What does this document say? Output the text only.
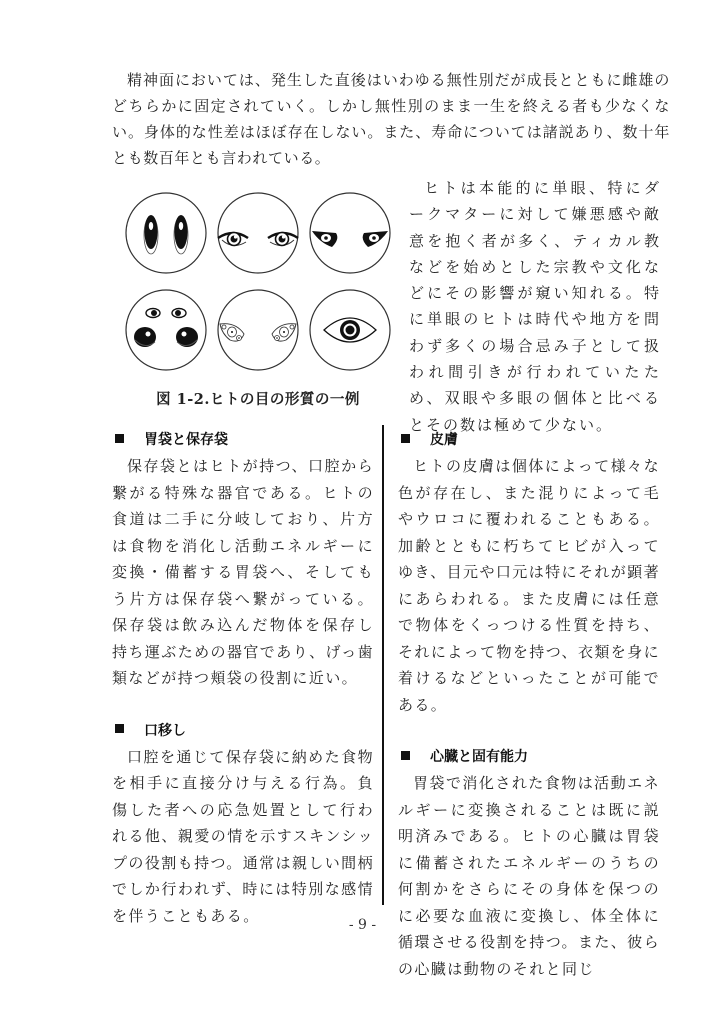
精神面においては、発生した直後はいわゆる無性別だが成長とともに雌雄のどちらかに固定されていく。しかし無性別のまま一生を終える者も少なくない。身体的な性差はほぼ存在しない。また、寿命については諸説あり、数十年とも数百年とも言われている。

図 1-2.ヒトの目の形質の一例

ヒトは本能的に単眼、特にダークマターに対して嫌悪感や敵意を抱く者が多く、ティカル教などを始めとした宗教や文化などにその影響が窺い知れる。特に単眼のヒトは時代や地方を問わず多くの場合忌み子として扱われ間引きが行われていたため、双眼や多眼の個体と比べるとその数は極めて少ない。

胃袋と保存袋

保存袋とはヒトが持つ、口腔から繋がる特殊な器官である。ヒトの食道は二手に分岐しており、片方は食物を消化し活動エネルギーに変換・備蓄する胃袋へ、そしてもう片方は保存袋へ繋がっている。保存袋は飲み込んだ物体を保存し持ち運ぶための器官であり、げっ歯類などが持つ頬袋の役割に近い。

口移し

口腔を通じて保存袋に納めた食物を相手に直接分け与える行為。負傷した者への応急処置として行われる他、親愛の情を示すスキンシップの役割も持つ。通常は親しい間柄でしか行われず、時には特別な感情を伴うこともある。

皮膚

ヒトの皮膚は個体によって様々な色が存在し、また混りによって毛やウロコに覆われることもある。加齢とともに朽ちてヒビが入ってゆき、目元や口元は特にそれが顕著にあらわれる。また皮膚には任意で物体をくっつける性質を持ち、それによって物を持つ、衣類を身に着けるなどといったことが可能である。

心臓と固有能力

胃袋で消化された食物は活動エネルギーに変換されることは既に説明済みである。ヒトの心臓は胃袋に備蓄されたエネルギーのうちの何割かをさらにその身体を保つのに必要な血液に変換し、体全体に循環させる役割を持つ。また、彼らの心臓は動物のそれと同じ

- 9 -
